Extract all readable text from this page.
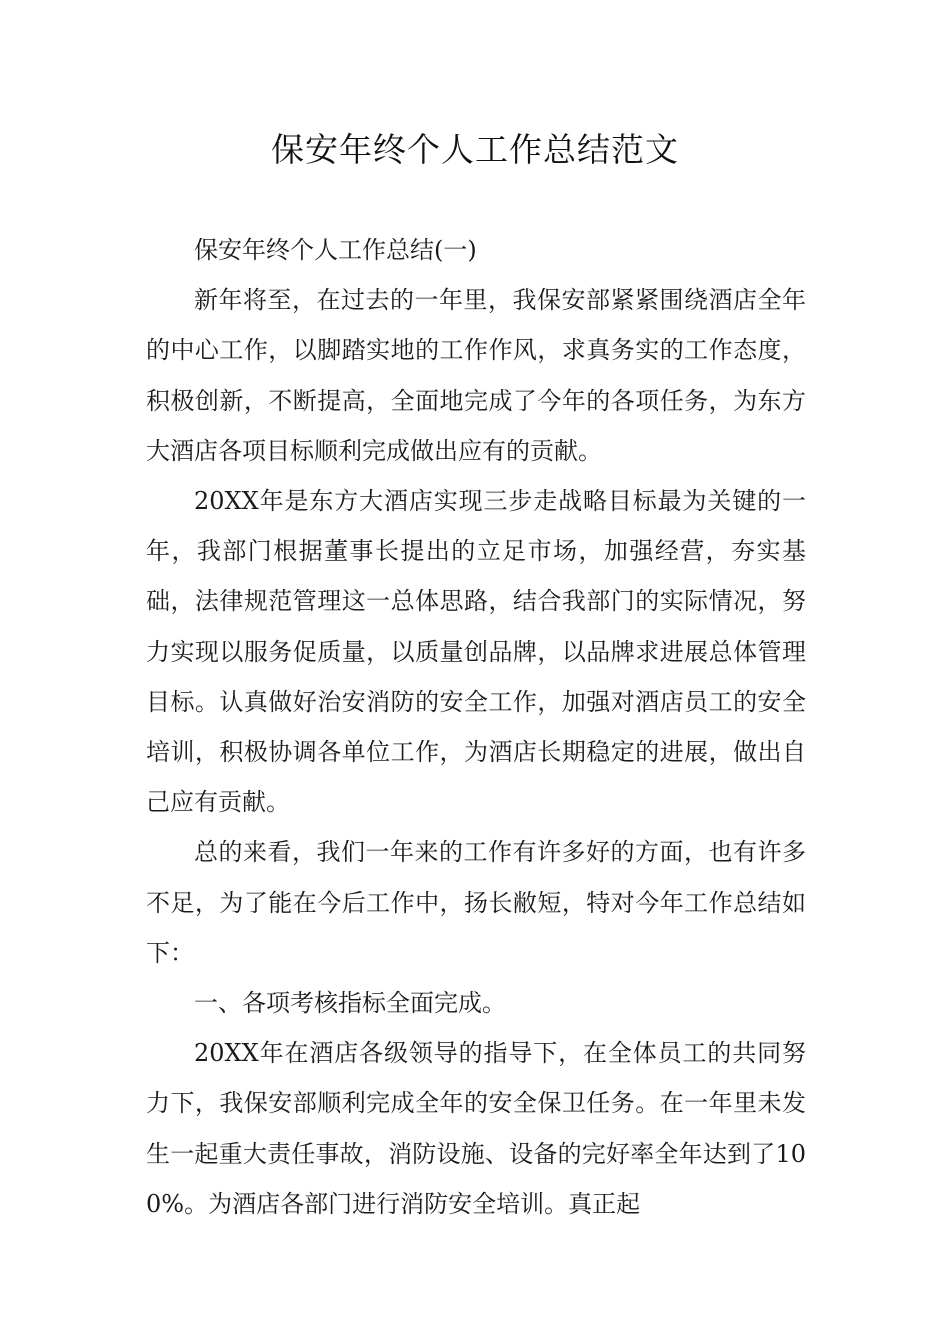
保安年终个人工作总结范文

保安年终个人工作总结(一)

新年将至，在过去的一年里，我保安部紧紧围绕酒店全年的中心工作，以脚踏实地的工作作风，求真务实的工作态度，积极创新，不断提高，全面地完成了今年的各项任务，为东方大酒店各项目标顺利完成做出应有的贡献。

20XX年是东方大酒店实现三步走战略目标最为关键的一年，我部门根据董事长提出的立足市场，加强经营，夯实基础，法律规范管理这一总体思路，结合我部门的实际情况，努力实现以服务促质量，以质量创品牌，以品牌求进展总体管理目标。认真做好治安消防的安全工作，加强对酒店员工的安全培训，积极协调各单位工作，为酒店长期稳定的进展，做出自己应有贡献。

总的来看，我们一年来的工作有许多好的方面，也有许多不足，为了能在今后工作中，扬长敝短，特对今年工作总结如下：

一、各项考核指标全面完成。

20XX年在酒店各级领导的指导下，在全体员工的共同努力下，我保安部顺利完成全年的安全保卫任务。在一年里未发生一起重大责任事故，消防设施、设备的完好率全年达到了100%。为酒店各部门进行消防安全培训。真正起
